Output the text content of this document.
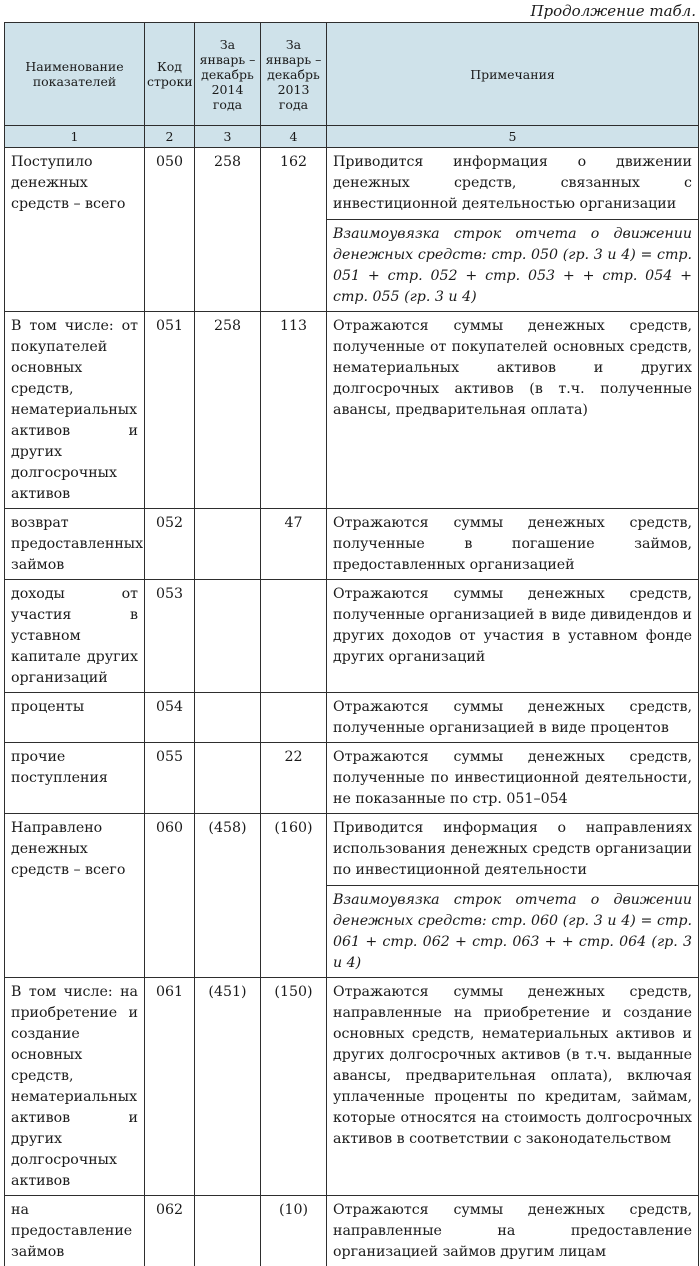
Продолжение табл.
Наименование показателей	Код строки	За январь – декабрь 2014 года	За январь – декабрь 2013 года	Примечания
1	2	3	4	5
Поступило денежных средств – всего	050	258	162	Приводится информация о движении денежных средств, связанных с инвестиционной деятельностью организации
				Взаимоувязка строк отчета о движении денежных средств: стр. 050 (гр. 3 и 4) = стр. 051 + стр. 052 + стр. 053 + + стр. 054 + стр. 055 (гр. 3 и 4)
В том числе: от покупателей основных средств, нематериальных активов и других долгосрочных активов	051	258	113	Отражаются суммы денежных средств, полученные от покупателей основных средств, нематериальных активов и других долгосрочных активов (в т.ч. полученные авансы, предварительная оплата)
возврат предоставленных займов	052		47	Отражаются суммы денежных средств, полученные в погашение займов, предоставленных организацией
доходы от участия в уставном капитале других организаций	053			Отражаются суммы денежных средств, полученные организацией в виде дивидендов и других доходов от участия в уставном фонде других организаций
проценты	054			Отражаются суммы денежных средств, полученные организацией в виде процентов
прочие поступления	055		22	Отражаются суммы денежных средств, полученные по инвестиционной деятельности, не показанные по стр. 051–054
Направлено денежных средств – всего	060	(458)	(160)	Приводится информация о направлениях использования денежных средств организации по инвестиционной деятельности
				Взаимоувязка строк отчета о движении денежных средств: стр. 060 (гр. 3 и 4) = стр. 061 + стр. 062 + стр. 063 + + стр. 064 (гр. 3 и 4)
В том числе: на приобретение и создание основных средств, нематериальных активов и других долгосрочных активов	061	(451)	(150)	Отражаются суммы денежных средств, направленные на приобретение и создание основных средств, нематериальных активов и других долгосрочных активов (в т.ч. выданные авансы, предварительная оплата), включая уплаченные проценты по кредитам, займам, которые относятся на стоимость долгосрочных активов в соответствии с законодательством
на предоставление займов	062		(10)	Отражаются суммы денежных средств, направленные на предоставление организацией займов другим лицам
